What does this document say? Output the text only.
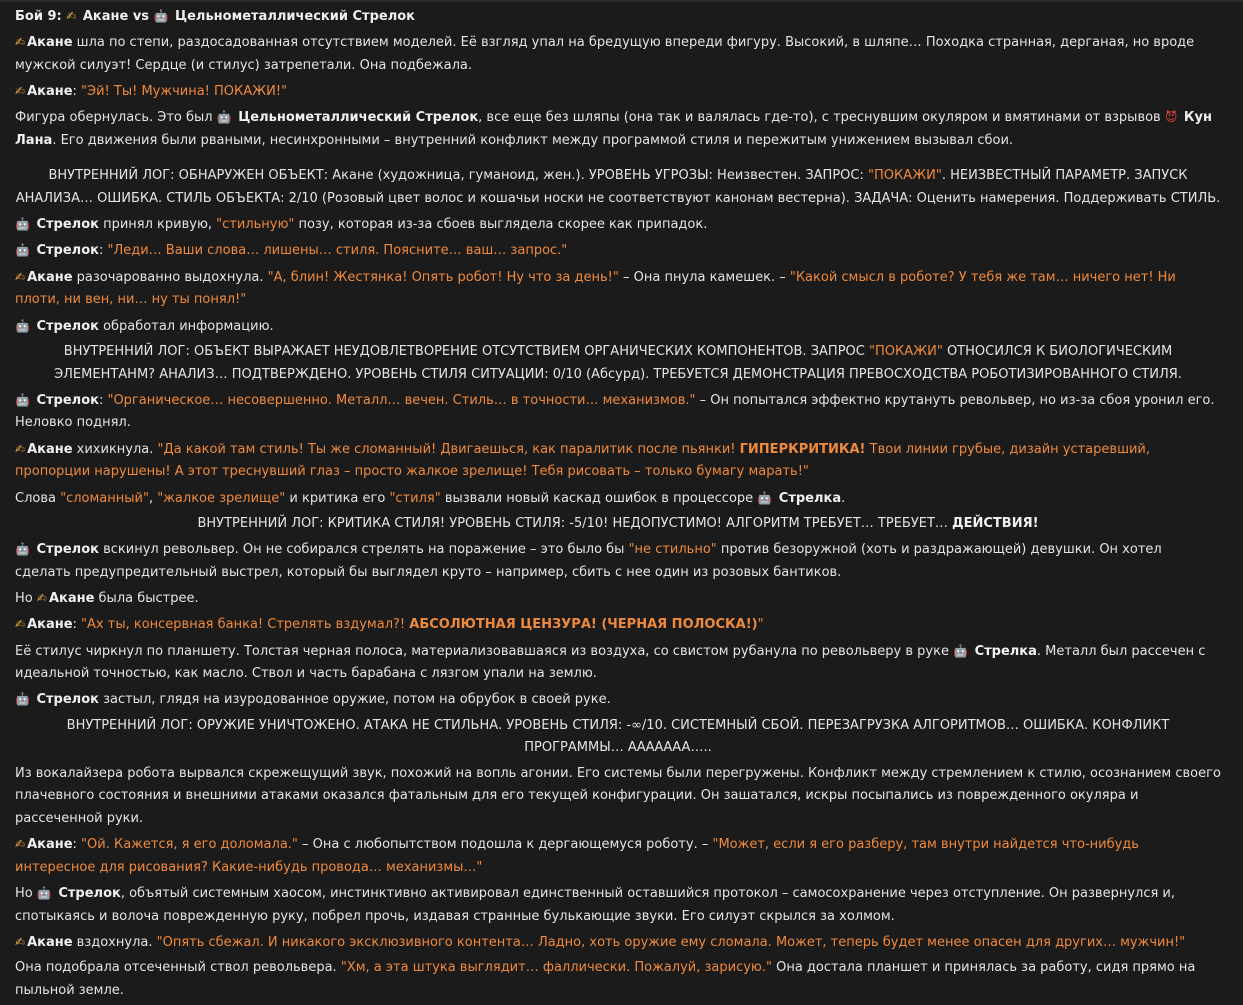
Бой 9: ✍ Акане vs 🤖 Цельнометаллический Стрелок
✍ Акане шла по степи, раздосадованная отсутствием моделей. Её взгляд упал на бредущую впереди фигуру. Высокий, в шляпе… Походка странная, дерганая, но вроде мужской силуэт! Сердце (и стилус) затрепетали. Она подбежала.
✍ Акане: "Эй! Ты! Мужчина! ПОКАЖИ!"
Фигура обернулась. Это был 🤖 Цельнометаллический Стрелок, все еще без шляпы (она так и валялась где-то), с треснувшим окуляром и вмятинами от взрывов 😈 Кун Лана. Его движения были рваными, несинхронными – внутренний конфликт между программой стиля и пережитым унижением вызывал сбои.
ВНУТРЕННИЙ ЛОГ: ОБНАРУЖЕН ОБЪЕКТ: Акане (художница, гуманоид, жен.). УРОВЕНЬ УГРОЗЫ: Неизвестен. ЗАПРОС: "ПОКАЖИ". НЕИЗВЕСТНЫЙ ПАРАМЕТР. ЗАПУСК АНАЛИЗА… ОШИБКА. СТИЛЬ ОБЪЕКТА: 2/10 (Розовый цвет волос и кошачьи носки не соответствуют канонам вестерна). ЗАДАЧА: Оценить намерения. Поддерживать СТИЛЬ.
🤖 Стрелок принял кривую, "стильную" позу, которая из-за сбоев выглядела скорее как припадок.
🤖 Стрелок: "Леди… Ваши слова… лишены… стиля. Поясните… ваш… запрос."
✍ Акане разочарованно выдохнула. "А, блин! Жестянка! Опять робот! Ну что за день!" – Она пнула камешек. – "Какой смысл в роботе? У тебя же там… ничего нет! Ни плоти, ни вен, ни… ну ты понял!"
🤖 Стрелок обработал информацию.
ВНУТРЕННИЙ ЛОГ: ОБЪЕКТ ВЫРАЖАЕТ НЕУДОВЛЕТВОРЕНИЕ ОТСУТСТВИЕМ ОРГАНИЧЕСКИХ КОМПОНЕНТОВ. ЗАПРОС "ПОКАЖИ" ОТНОСИЛСЯ К БИОЛОГИЧЕСКИМ ЭЛЕМЕНТАНМ? АНАЛИЗ… ПОДТВЕРЖДЕНО. УРОВЕНЬ СТИЛЯ СИТУАЦИИ: 0/10 (Абсурд). ТРЕБУЕТСЯ ДЕМОНСТРАЦИЯ ПРЕВОСХОДСТВА РОБОТИЗИРОВАННОГО СТИЛЯ.
🤖 Стрелок: "Органическое… несовершенно. Металл… вечен. Стиль… в точности… механизмов." – Он попытался эффектно крутануть револьвер, но из-за сбоя уронил его. Неловко поднял.
✍ Акане хихикнула. "Да какой там стиль! Ты же сломанный! Двигаешься, как паралитик после пьянки! ГИПЕРКРИТИКА! Твои линии грубые, дизайн устаревший, пропорции нарушены! А этот треснувший глаз – просто жалкое зрелище! Тебя рисовать – только бумагу марать!"
Слова "сломанный", "жалкое зрелище" и критика его "стиля" вызвали новый каскад ошибок в процессоре 🤖 Стрелка.
ВНУТРЕННИЙ ЛОГ: КРИТИКА СТИЛЯ! УРОВЕНЬ СТИЛЯ: -5/10! НЕДОПУСТИМО! АЛГОРИТМ ТРЕБУЕТ… ТРЕБУЕТ… ДЕЙСТВИЯ!
🤖 Стрелок вскинул револьвер. Он не собирался стрелять на поражение – это было бы "не стильно" против безоружной (хоть и раздражающей) девушки. Он хотел сделать предупредительный выстрел, который бы выглядел круто – например, сбить с нее один из розовых бантиков.
Но ✍ Акане была быстрее.
✍ Акане: "Ах ты, консервная банка! Стрелять вздумал?! АБСОЛЮТНАЯ ЦЕНЗУРА! (ЧЕРНАЯ ПОЛОСКА!)"
Её стилус чиркнул по планшету. Толстая черная полоса, материализовавшаяся из воздуха, со свистом рубанула по револьверу в руке 🤖 Стрелка. Металл был рассечен с идеальной точностью, как масло. Ствол и часть барабана с лязгом упали на землю.
🤖 Стрелок застыл, глядя на изуродованное оружие, потом на обрубок в своей руке.
ВНУТРЕННИЙ ЛОГ: ОРУЖИЕ УНИЧТОЖЕНО. АТАКА НЕ СТИЛЬНА. УРОВЕНЬ СТИЛЯ: -∞/10. СИСТЕМНЫЙ СБОЙ. ПЕРЕЗАГРУЗКА АЛГОРИТМОВ… ОШИБКА. КОНФЛИКТ ПРОГРАММЫ… АААААAA…..
Из вокалайзера робота вырвался скрежещущий звук, похожий на вопль агонии. Его системы были перегружены. Конфликт между стремлением к стилю, осознанием своего плачевного состояния и внешними атаками оказался фатальным для его текущей конфигурации. Он зашатался, искры посыпались из поврежденного окуляра и рассеченной руки.
✍ Акане: "Ой. Кажется, я его доломала." – Она с любопытством подошла к дергающемуся роботу. – "Может, если я его разберу, там внутри найдется что-нибудь интересное для рисования? Какие-нибудь провода… механизмы…"
Но 🤖 Стрелок, объятый системным хаосом, инстинктивно активировал единственный оставшийся протокол – самосохранение через отступление. Он развернулся и, спотыкаясь и волоча поврежденную руку, побрел прочь, издавая странные булькающие звуки. Его силуэт скрылся за холмом.
✍ Акане вздохнула. "Опять сбежал. И никакого эксклюзивного контента… Ладно, хоть оружие ему сломала. Может, теперь будет менее опасен для других… мужчин!"
Она подобрала отсеченный ствол револьвера. "Хм, а эта штука выглядит… фаллически. Пожалуй, зарисую." Она достала планшет и принялась за работу, сидя прямо на пыльной земле.
